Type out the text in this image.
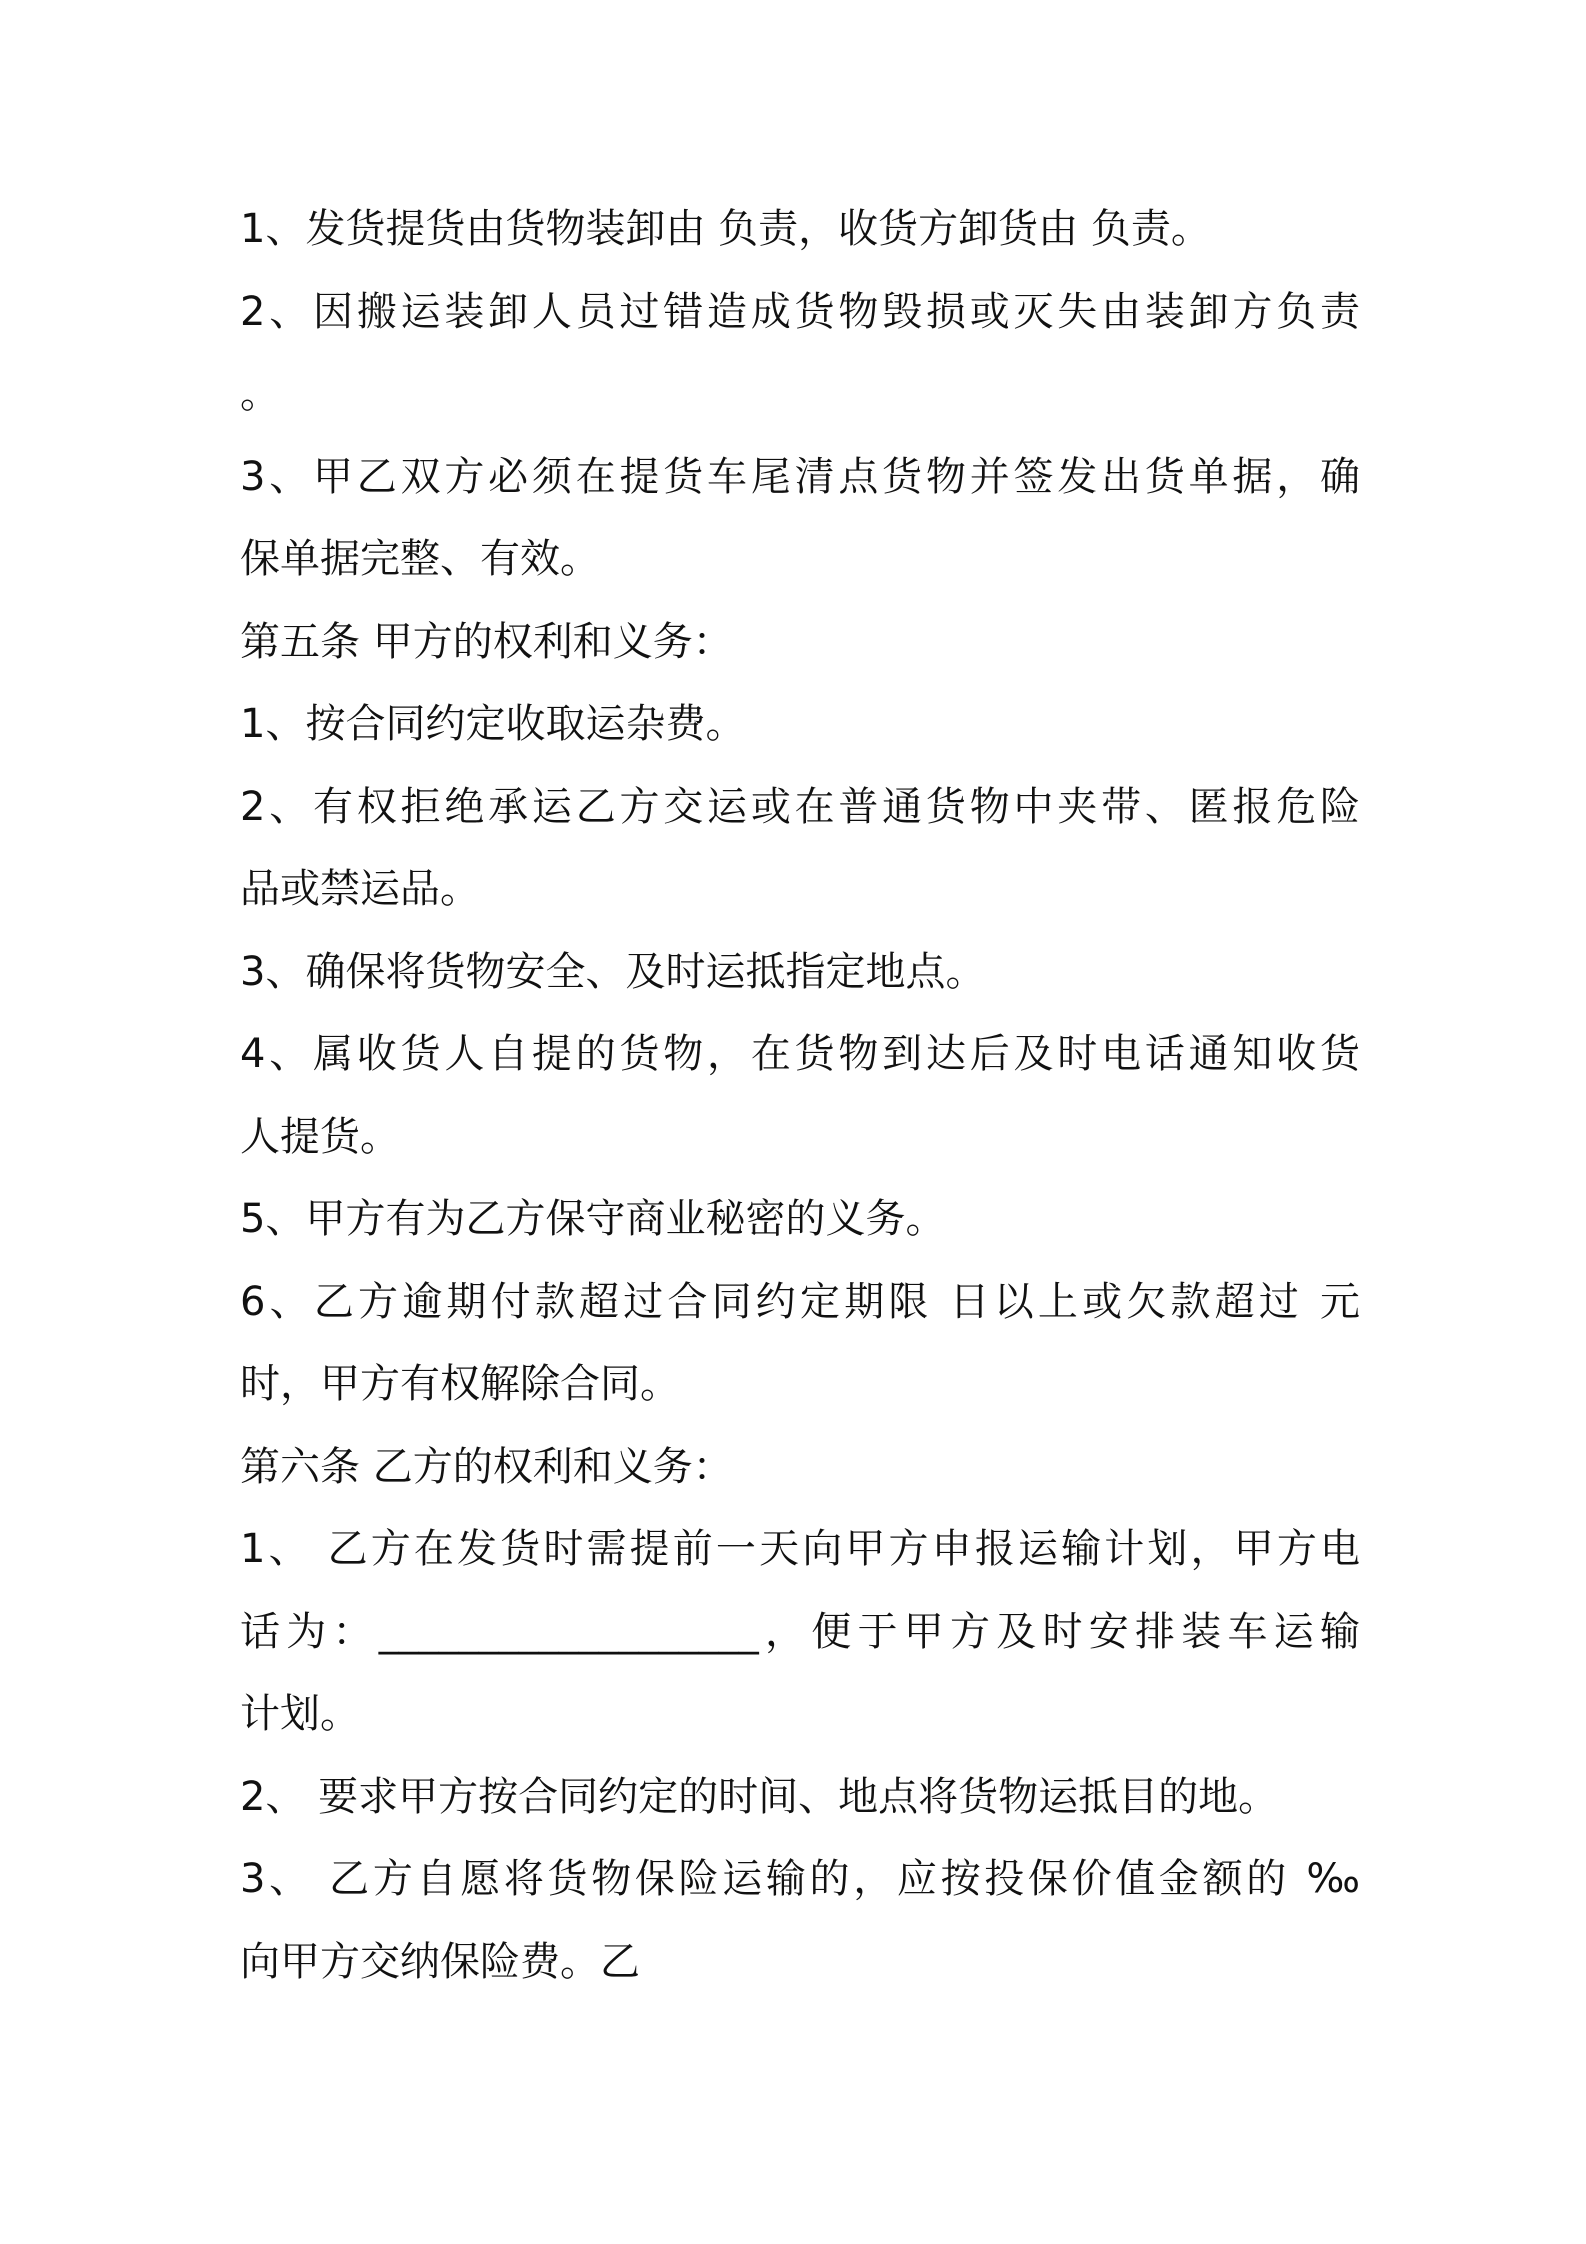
1、发货提货由货物装卸由 负责，收货方卸货由 负责。
2、因搬运装卸人员过错造成货物毁损或灭失由装卸方负责
。
3、甲乙双方必须在提货车尾清点货物并签发出货单据，确
保单据完整、有效。
第五条 甲方的权利和义务：
1、按合同约定收取运杂费。
2、有权拒绝承运乙方交运或在普通货物中夹带、匿报危险
品或禁运品。
3、确保将货物安全、及时运抵指定地点。
4、属收货人自提的货物，在货物到达后及时电话通知收货
人提货。
5、甲方有为乙方保守商业秘密的义务。
6、乙方逾期付款超过合同约定期限 日以上或欠款超过 元
时，甲方有权解除合同。
第六条 乙方的权利和义务：
1、 乙方在发货时需提前一天向甲方申报运输计划，甲方电
话为：___________________，便于甲方及时安排装车运输
计划。
2、 要求甲方按合同约定的时间、地点将货物运抵目的地。
3、 乙方自愿将货物保险运输的，应按投保价值金额的 ‰
向甲方交纳保险费。乙
